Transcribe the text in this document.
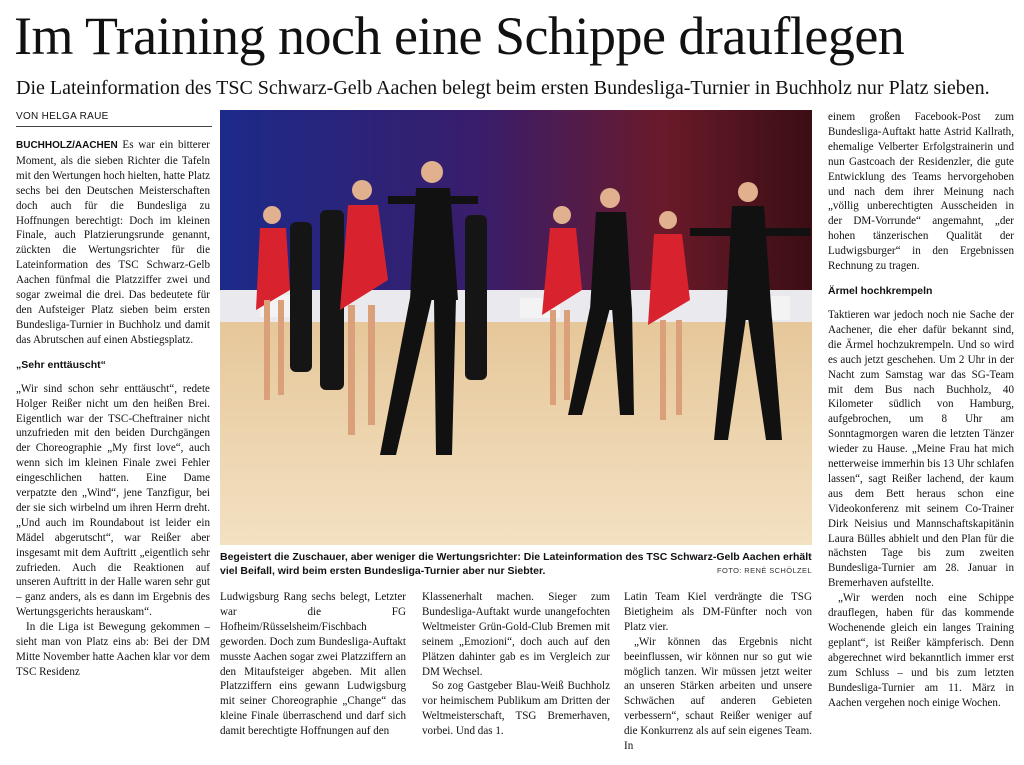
Im Training noch eine Schippe drauflegen
Die Lateinformation des TSC Schwarz-Gelb Aachen belegt beim ersten Bundesliga-Turnier in Buchholz nur Platz sieben.
VON HELGA RAUE

BUCHHOLZ/AACHEN Es war ein bitterer Moment, als die sieben Richter die Tafeln mit den Wertungen hoch hielten, hatte Platz sechs bei den Deutschen Meisterschaften doch auch für die Bundesliga zu Hoffnungen berechtigt: Doch im kleinen Finale, auch Platzierungsrunde genannt, zückten die Wertungsrichter für die Lateinformation des TSC Schwarz-Gelb Aachen fünfmal die Platzziffer zwei und sogar zweimal die drei. Das bedeutete für den Aufsteiger Platz sieben beim ersten Bundesliga-Turnier in Buchholz und damit das Abrutschen auf einen Abstiegsplatz.

„Sehr enttäuscht“

„Wir sind schon sehr enttäuscht“, redete Holger Reißer nicht um den heißen Brei. Eigentlich war der TSC-Cheftrainer nicht unzufrieden mit den beiden Durchgängen der Choreographie „My first love“, auch wenn sich im kleinen Finale zwei Fehler eingeschlichen hatten. Eine Dame verpatzte den „Wind“, jene Tanzfigur, bei der sie sich wirbelnd um ihren Herrn dreht. „Und auch im Roundabout ist leider ein Mädel abgerutscht“, war Reißer aber insgesamt mit dem Auftritt „eigentlich sehr zufrieden. Auch die Reaktionen auf unseren Auftritt in der Halle waren sehr gut – ganz anders, als es dann im Ergebnis des Wertungsgerichts herauskam“.

In die Liga ist Bewegung gekommen – sieht man von Platz eins ab: Bei der DM Mitte November hatte Aachen klar vor dem TSC Residenz

Begeistert die Zuschauer, aber weniger die Wertungsrichter: Die Lateinformation des TSC Schwarz-Gelb Aachen erhält viel Beifall, wird beim ersten Bundesliga-Turnier aber nur Siebter.	FOTO: RENÉ SCHÖLZEL

Ludwigsburg Rang sechs belegt, Letzter war die FG Hofheim/Rüsselsheim/Fischbach geworden. Doch zum Bundesliga-Auftakt musste Aachen sogar zwei Platzziffern an den Mitaufsteiger abgeben. Mit allen Platzziffern eins gewann Ludwigsburg mit seiner Choreographie „Change“ das kleine Finale überraschend und darf sich damit berechtigte Hoffnungen auf den

Klassenerhalt machen. Sieger zum Bundesliga-Auftakt wurde unangefochten Weltmeister Grün-Gold-Club Bremen mit seinem „Emozioni“, doch auch auf den Plätzen dahinter gab es im Vergleich zur DM Wechsel.

So zog Gastgeber Blau-Weiß Buchholz vor heimischem Publikum am Dritten der Weltmeisterschaft, TSG Bremerhaven, vorbei. Und das 1.

Latin Team Kiel verdrängte die TSG Bietigheim als DM-Fünfter noch von Platz vier.

„Wir können das Ergebnis nicht beeinflussen, wir können nur so gut wie möglich tanzen. Wir müssen jetzt weiter an unseren Stärken arbeiten und unsere Schwächen auf anderen Gebieten verbessern“, schaut Reißer weniger auf die Konkurrenz als auf sein eigenes Team. In

einem großen Facebook-Post zum Bundesliga-Auftakt hatte Astrid Kallrath, ehemalige Velberter Erfolgstrainerin und nun Gastcoach der Residenzler, die gute Entwicklung des Teams hervorgehoben und nach dem ihrer Meinung nach „völlig unberechtigten Ausscheiden in der DM-Vorrunde“ angemahnt, „der hohen tänzerischen Qualität der Ludwigsburger“ in den Ergebnissen Rechnung zu tragen.

Ärmel hochkrempeln

Taktieren war jedoch noch nie Sache der Aachener, die eher dafür bekannt sind, die Ärmel hochzukrempeln. Und so wird es auch jetzt geschehen. Um 2 Uhr in der Nacht zum Samstag war das SG-Team mit dem Bus nach Buchholz, 40 Kilometer südlich von Hamburg, aufgebrochen, um 8 Uhr am Sonntagmorgen waren die letzten Tänzer wieder zu Hause. „Meine Frau hat mich netterweise immerhin bis 13 Uhr schlafen lassen“, sagt Reißer lachend, der kaum aus dem Bett heraus schon eine Videokonferenz mit seinem Co-Trainer Dirk Neisius und Mannschaftskapitänin Laura Bülles abhielt und den Plan für die nächsten Tage bis zum zweiten Bundesliga-Turnier am 28. Januar in Bremerhaven aufstellte.

„Wir werden noch eine Schippe drauflegen, haben für das kommende Wochenende gleich ein langes Training geplant“, ist Reißer kämpferisch. Denn abgerechnet wird bekanntlich immer erst zum Schluss – und bis zum letzten Bundesliga-Turnier am 11. März in Aachen vergehen noch einige Wochen.
